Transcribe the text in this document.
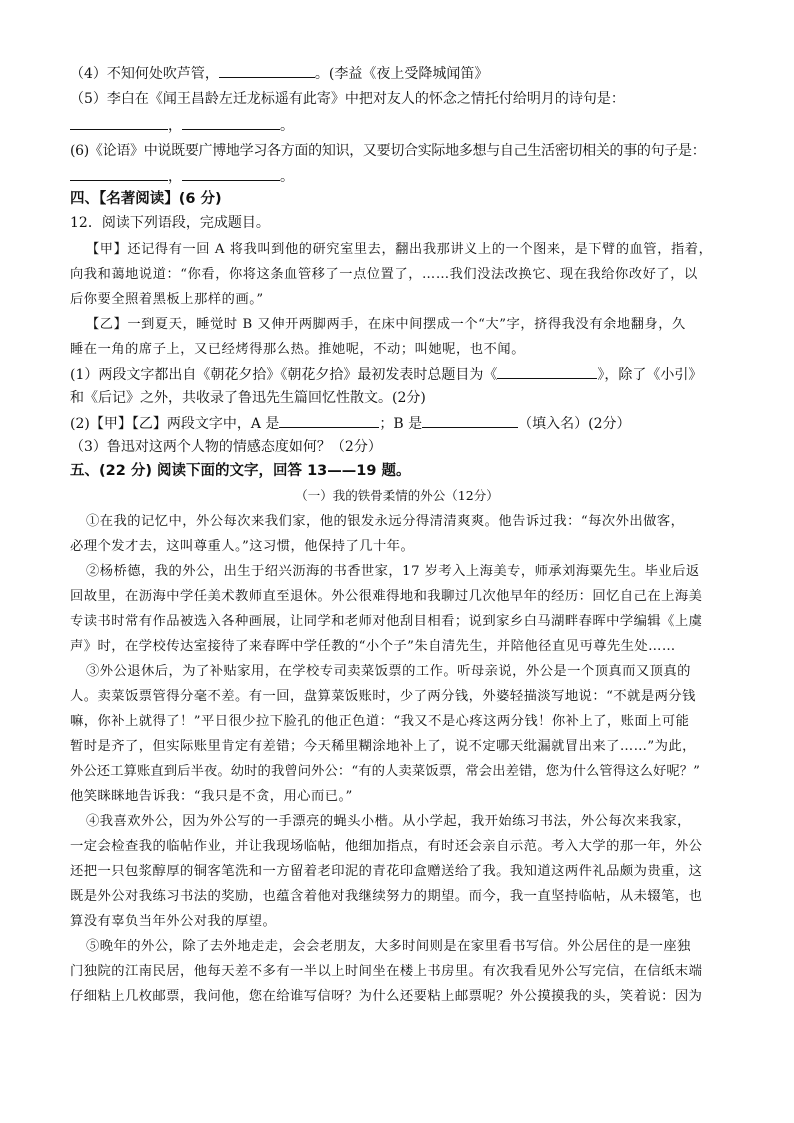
（4）不知何处吹芦管，	。(李益《夜上受降城闻笛》
（5）李白在《闻王昌龄左迁龙标遥有此寄》中把对友人的怀念之情托付给明月的诗句是：
，	。
(6)《论语》中说既要广博地学习各方面的知识，又要切合实际地多想与自己生活密切相关的事的句子是：
，	。
四、【名著阅读】(6 分)
12．阅读下列语段，完成题目。
【甲】还记得有一回 A 将我叫到他的研究室里去，翻出我那讲义上的一个图来，是下臂的血管，指着，
向我和蔼地说道：“你看，你将这条血管移了一点位置了，……我们没法改换它、现在我给你改好了，以
后你要全照着黑板上那样的画。”
【乙】一到夏天，睡觉时 B 又伸开两脚两手，在床中间摆成一个“大”字，挤得我没有余地翻身，久
睡在一角的席子上，又已经烤得那么热。推她呢，不动；叫她呢，也不闻。
(1）两段文字都出自《朝花夕拾》《朝花夕拾》最初发表时总题目为《	》，除了《小引》
和《后记》之外，共收录了鲁迅先生篇回忆性散文。(2分)
(2)【甲】【乙】两段文字中，A 是	；B 是	（填入名）(2分）
（3）鲁迅对这两个人物的情感态度如何？（2分）
五、(22 分) 阅读下面的文字，回答 13——19 题。
（一）我的铁骨柔情的外公（12分）
①在我的记忆中，外公每次来我们家，他的银发永远分得清清爽爽。他告诉过我：“每次外出做客，
必理个发才去，这叫尊重人。”这习惯，他保持了几十年。
②杨桥德，我的外公，出生于绍兴沥海的书香世家，17 岁考入上海美专，师承刘海粟先生。毕业后返
回故里，在沥海中学任美术教师直至退休。外公很难得地和我聊过几次他早年的经历：回忆自己在上海美
专读书时常有作品被选入各种画展，让同学和老师对他刮目相看；说到家乡白马湖畔春晖中学编辑《上虞
声》时，在学校传达室接待了来春晖中学任教的“小个子”朱自清先生，并陪他径直见丏尊先生处……
③外公退休后，为了补贴家用，在学校专司卖菜饭票的工作。听母亲说，外公是一个顶真而又顶真的
人。卖菜饭票管得分毫不差。有一回，盘算菜饭账时，少了两分钱，外婆轻描淡写地说：“不就是两分钱
嘛，你补上就得了！”平日很少拉下脸孔的他正色道：“我又不是心疼这两分钱！你补上了，账面上可能
暂时是齐了，但实际账里肯定有差错；今天稀里糊涂地补上了，说不定哪天纰漏就冒出来了……”为此，
外公还工算账直到后半夜。幼时的我曾问外公：“有的人卖菜饭票，常会出差错，您为什么管得这么好呢？”
他笑眯眯地告诉我：“我只是不贪，用心而已。”
④我喜欢外公，因为外公写的一手漂亮的蝇头小楷。从小学起，我开始练习书法，外公每次来我家，
一定会检查我的临帖作业，并让我现场临帖，他细加指点，有时还会亲自示范。考入大学的那一年，外公
还把一只包浆醇厚的铜客笔洗和一方留着老印泥的青花印盒赠送给了我。我知道这两件礼品颇为贵重，这
既是外公对我练习书法的奖励，也蕴含着他对我继续努力的期望。而今，我一直坚持临帖，从未辍笔，也
算没有辜负当年外公对我的厚望。
⑤晚年的外公，除了去外地走走，会会老朋友，大多时间则是在家里看书写信。外公居住的是一座独
门独院的江南民居，他每天差不多有一半以上时间坐在楼上书房里。有次我看见外公写完信，在信纸末端
仔细粘上几枚邮票，我问他，您在给谁写信呀？为什么还要粘上邮票呢？外公摸摸我的头，笑着说：因为
